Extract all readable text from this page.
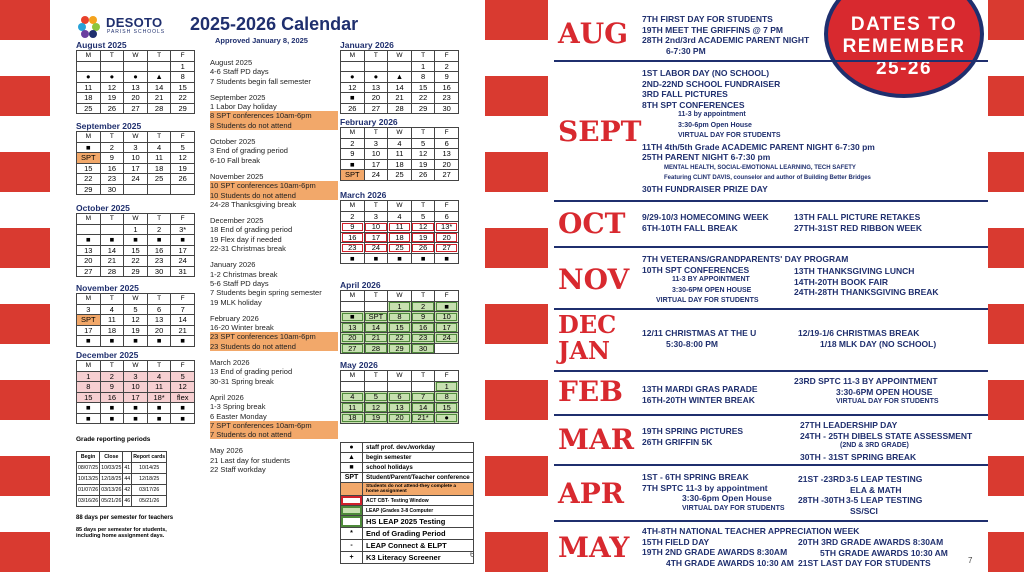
DESOTO
PARISH SCHOOLS 2025-2026 Calendar
Approved January 8, 2025
August 2025
M	T	W	T	F
				1
●	●	●	▲	8
11	12	13	14	15
18	19	20	21	22
25	26	27	28	29
September 2025
M	T	W	T	F
■	2	3	4	5
SPT	9	10	11	12
15	16	17	18	19
22	23	24	25	26
29	30			
October 2025
M	T	W	T	F
		1	2	3*
■	■	■	■	■
13	14	15	16	17
20	21	22	23	24
27	28	29	30	31
November 2025
M	T	W	T	F
3	4	5	6	7
SPT	11	12	13	14
17	18	19	20	21
■	■	■	■	■
December 2025
M	T	W	T	F
1	2	3	4	5
8	9	10	11	12
15	16	17	18*	flex
■	■	■	■	■
■	■	■	■	■
January 2026
M	T	W	T	F
			1	2
●	●	▲	8	9
12	13	14	15	16
■	20	21	22	23
26	27	28	29	30
February 2026
M	T	W	T	F
2	3	4	5	6
9	10	11	12	13
■	17	18	19	20
SPT	24	25	26	27
March 2026
M	T	W	T	F
2	3	4	5	6
9	10	11	12	13*
16	17	18	19	20
23	24	25	26	27
■	■	■	■	■
April 2026
M	T	W	T	F
		1	2	■
■	SPT	8	9	10
13	14	15	16	17
20	21	22	23	24
27	28	29	30	
May 2026
M	T	W	T	F
				1
4	5	6	7	8
11	12	13	14	15
18	19	20	21*	●
August 2025
4-6 Staff PD days
7 Students begin fall semester
September 2025
1 Labor Day holiday
8 SPT conferences 10am-6pm
8 Students do not attend
October 2025
3 End of grading period
6-10 Fall break
November 2025
10 SPT conferences 10am-6pm
10 Students do not attend
24-28 Thanksgiving break
December 2025
18 End of grading period
19 Flex day if needed
22-31 Christmas break
January 2026
1-2 Christmas break
5-6 Staff PD days
7 Students begin spring semester
19 MLK holiday
February 2026
16-20 Winter break
23 SPT conferences 10am-6pm
23 Students do not attend
March 2026
13 End of grading period
30-31 Spring break
April 2026
1-3 Spring break
6 Easter Monday
7 SPT conferences 10am-6pm
7 Students do not attend
May 2026
21 Last day for students
22 Staff workday
Grade reporting periods
Begin	Close		Report cards
08/07/25	10/03/25	41	10/14/25
10/13/25	12/18/25	44	12/18/25
01/07/26	03/13/26	42	03/17/26
03/16/26	05/21/26	46	05/21/26
88 days per semester for teachers
85 days per semester for students, including home assignment days.
●	staff prof. dev./workday
▲	begin semester
■	school holidays
SPT	Student/Parent/Teacher conference
Students do not attend-they complete a home assignment
ACT CBT- Testing Window
LEAP (Grades 3-8 Computer
HS LEAP 2025 Testing
*	End of Grading Period
-	LEAP Connect & ELPT
+	K3 Literacy Screener	6
DATES TO
REMEMBER
25-26
AUG 7TH FIRST DAY FOR STUDENTS
19TH MEET THE GRIFFINS @ 7 PM
28TH 2nd/3rd ACADEMIC PARENT NIGHT
6-7:30 PM
SEPT
1ST LABOR DAY (NO SCHOOL)
2ND-22ND SCHOOL FUNDRAISER
3RD FALL PICTURES
8TH SPT CONFERENCES
11-3 by appointment
3:30-6pm Open House
VIRTUAL DAY FOR STUDENTS
11TH 4th/5th Grade ACADEMIC PARENT NIGHT 6-7:30 pm
25TH PARENT NIGHT 6-7:30 pm
MENTAL HEALTH, SOCIAL-EMOTIONAL LEARNING, TECH SAFETY
Featuring CLINT DAVIS, counselor and author of Building Better Bridges
30TH FUNDRAISER PRIZE DAY
OCT 9/29-10/3 HOMECOMING WEEK
6TH-10TH FALL BREAK
13TH FALL PICTURE RETAKES
27TH-31ST RED RIBBON WEEK
NOV
7TH VETERANS/GRANDPARENTS' DAY PROGRAM
10TH SPT CONFERENCES
11-3 BY APPOINTMENT
3:30-6PM OPEN HOUSE
VIRTUAL DAY FOR STUDENTS
13TH THANKSGIVING LUNCH
14TH-20TH BOOK FAIR
24TH-28TH THANKSGIVING BREAK
DEC
JAN
12/11 CHRISTMAS AT THE U
5:30-8:00 PM
12/19-1/6 CHRISTMAS BREAK
1/18 MLK DAY (NO SCHOOL)
FEB 13TH MARDI GRAS PARADE
16TH-20TH WINTER BREAK
23RD SPTC 11-3 BY APPOINTMENT
3:30-6PM OPEN HOUSE
VIRTUAL DAY FOR STUDENTS
MAR 19TH SPRING PICTURES
26TH GRIFFIN 5K
27TH LEADERSHIP DAY
24TH - 25TH DIBELS STATE ASSESSMENT
(2ND & 3RD GRADE)
30TH - 31ST SPRING BREAK
APR 1ST - 6TH SPRING BREAK
7TH SPTC 11-3 by appointment
3:30-6pm Open House
VIRTUAL DAY FOR STUDENTS
21ST -23RD
28TH -30TH
3-5 LEAP TESTING
ELA & MATH
3-5 LEAP TESTING
SS/SCI
MAY 4TH-8TH NATIONAL TEACHER APPRECIATION WEEK
15TH FIELD DAY
19TH 2ND GRADE AWARDS 8:30AM
4TH GRADE AWARDS 10:30 AM
20TH 3RD GRADE AWARDS 8:30AM
5TH GRADE AWARDS 10:30 AM
21ST LAST DAY FOR STUDENTS	7
